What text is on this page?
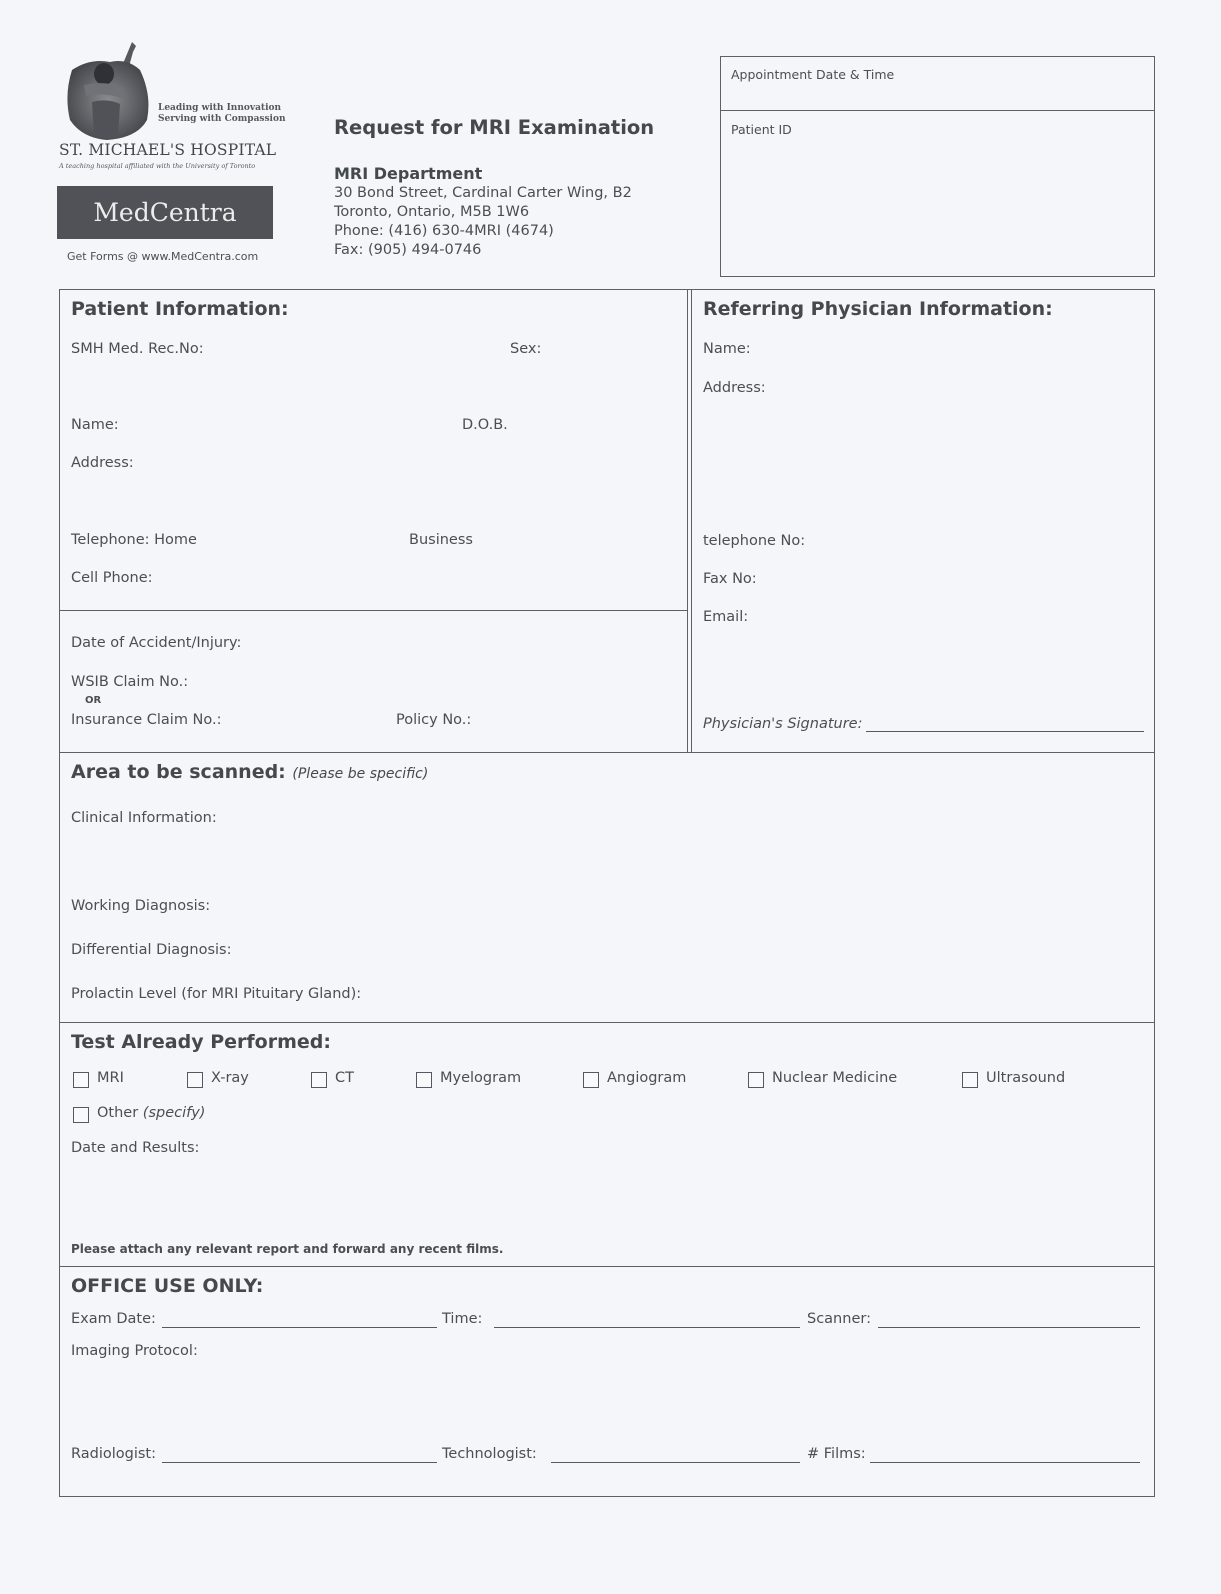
Leading with Innovation
Serving with Compassion
ST. MICHAEL'S HOSPITAL
A teaching hospital affiliated with the University of Toronto
MedCentra
Get Forms @ www.MedCentra.com
Request for MRI Examination
MRI Department
30 Bond Street, Cardinal Carter Wing, B2
Toronto, Ontario, M5B 1W6
Phone: (416) 630-4MRI (4674)
Fax: (905) 494-0746
Appointment Date & Time
Patient ID
Patient Information:
SMH Med. Rec.No:	Sex:
Name:	D.O.B.
Address:
Telephone: Home	Business
Cell Phone:
Date of Accident/Injury:
WSIB Claim No.:
OR
Insurance Claim No.:	Policy No.:
Referring Physician Information:
Name:
Address:
telephone No:
Fax No:
Email:
Physician's Signature:
Area to be scanned: (Please be specific)
Clinical Information:
Working Diagnosis:
Differential Diagnosis:
Prolactin Level (for MRI Pituitary Gland):
Test Already Performed:
MRI	X-ray	CT	Myelogram	Angiogram	Nuclear Medicine	Ultrasound
Other (specify)
Date and Results:
Please attach any relevant report and forward any recent films.
OFFICE USE ONLY:
Exam Date:	Time:	Scanner:
Imaging Protocol:
Radiologist:	Technologist:	# Films:
